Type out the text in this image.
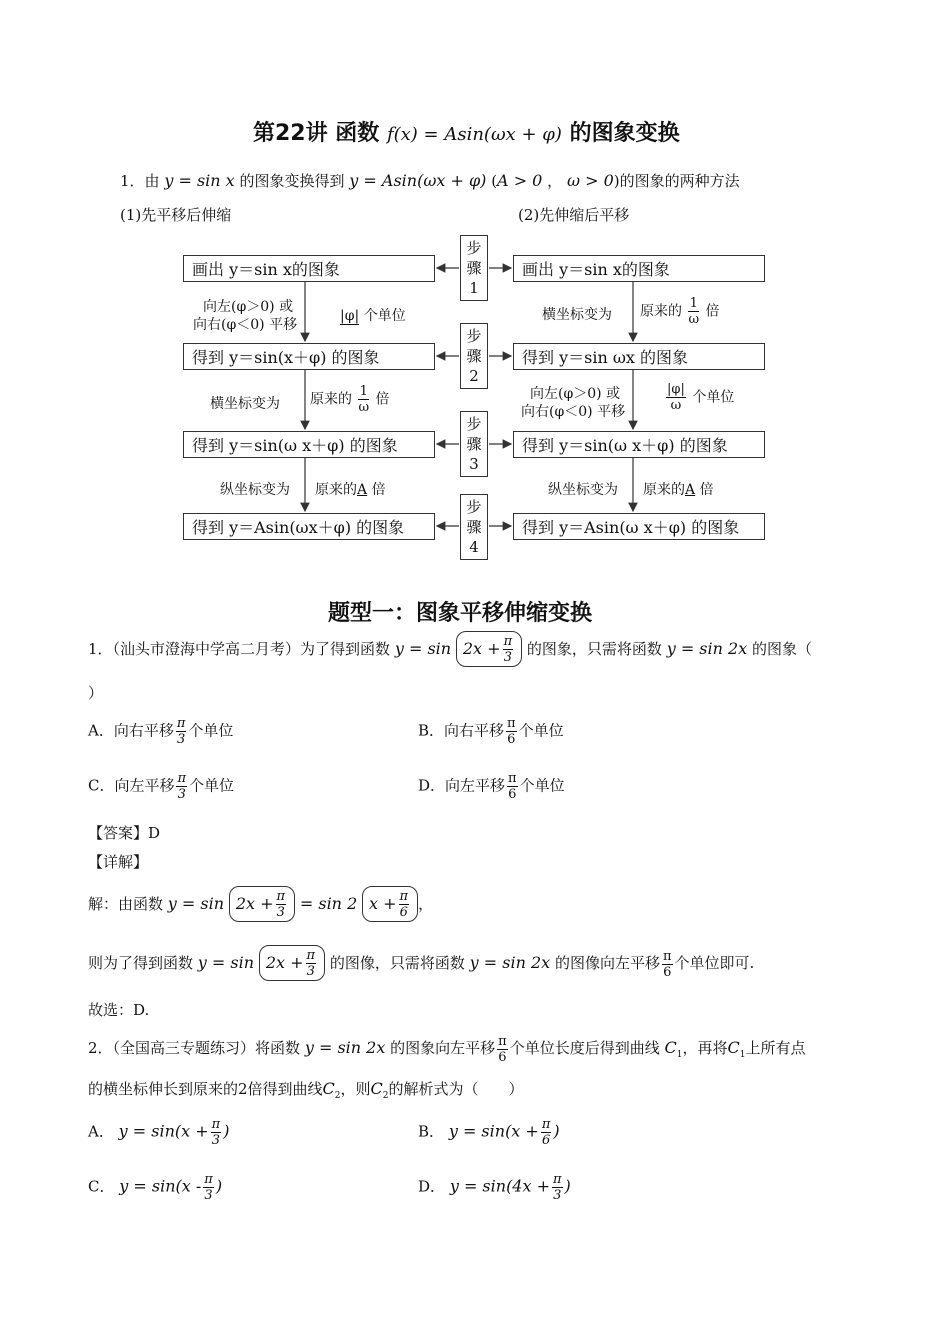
第22讲 函数 f(x) = Asin(ωx + φ) 的图象变换
1．由 y = sin x 的图象变换得到 y = Asin(ωx + φ) (A > 0 ， ω > 0)的图象的两种方法
(1)先平移后伸缩	(2)先伸缩后平移
画出 y＝sin x的图象
得到 y＝sin(x＋φ) 的图象
得到 y＝sin(ω x＋φ) 的图象
得到 y＝Asin(ωx＋φ) 的图象
画出 y＝sin x的图象
得到 y＝sin ωx 的图象
得到 y＝sin(ω x＋φ) 的图象
得到 y＝Asin(ω x＋φ) 的图象
步
骤
1
步
骤
2
步
骤
3
步
骤
4
向左(φ＞0) 或
向右(φ＜0) 平移
|φ| 个单位
横坐标变为 原来的 $\frac{1}{\omega}$ 倍
纵坐标变为 原来的A 倍
横坐标变为 原来的 $\frac{1}{\omega}$ 倍
向左(φ＞0) 或
向右(φ＜0) 平移	$\frac{|\varphi|}{\omega}$ 个单位
纵坐标变为 原来的A 倍
题型一：图象平移伸缩变换
1．（汕头市澄海中学高二月考）为了得到函数 $y = \sin 2x + \frac{\pi}{3}$ 的图象，只需将函数 y = sin 2x 的图象（
）
A．向右平移 $\frac{\pi}{3}$ 个单位	B．向右平移 $\frac{\pi}{6}$ 个单位
C．向左平移 $\frac{\pi}{3}$ 个单位	D．向左平移 $\frac{\pi}{6}$ 个单位
【答案】D
【详解】
解：由函数 $y = \sin 2x + \frac{\pi}{3} = \sin 2$ $x + \frac{\pi}{6}$ ，
则为了得到函数 $y = \sin 2x + \frac{\pi}{3}$ 的图像，只需将函数 y = sin 2x 的图像向左平移 $\frac{\pi}{6}$ 个单位即可.
故选：D.
2．（全国高三专题练习）将函数 y = sin 2x 的图象向左平移 $\frac{\pi}{6}$ 个单位长度后得到曲线 $C_1$，再将$C_1$上所有点
的横坐标伸长到原来的2倍得到曲线$C_2$，则$C_2$的解析式为（　　）
A． $y = \sin(x + \frac{\pi}{3}$ )	B． $y = \sin(x + \frac{\pi}{6}$ )
C． $y = \sin(x - \frac{\pi}{3}$ )	D． $y = \sin(4x + \frac{\pi}{3}$ )
